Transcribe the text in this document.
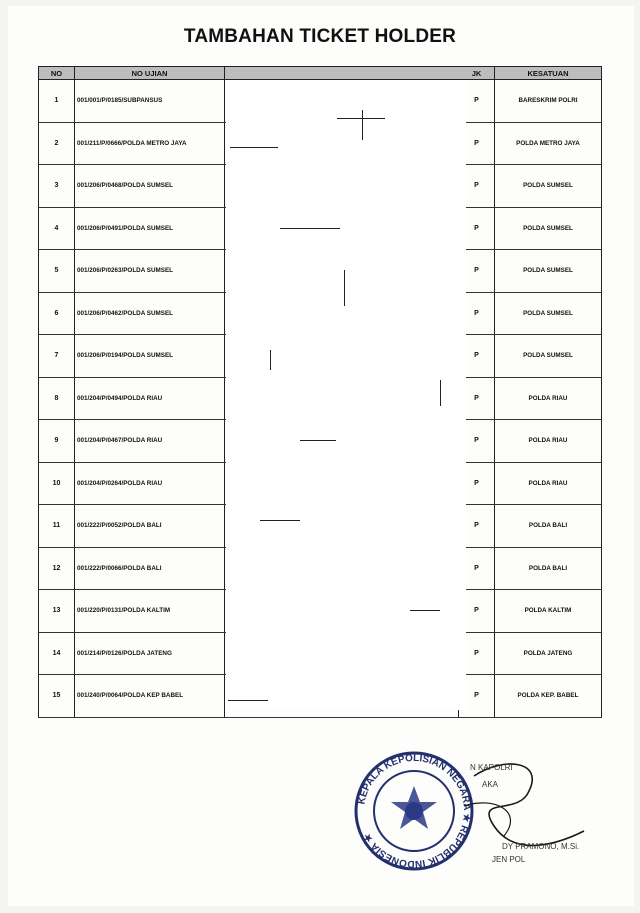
TAMBAHAN TICKET HOLDER
NO	NO UJIAN			JK	KESATUAN
1	001/001/P/0185/SUBPANSUS			P	BARESKRIM POLRI
2	001/211/P/0666/POLDA METRO JAYA			P	POLDA METRO JAYA
3	001/206/P/0468/POLDA SUMSEL			P	POLDA SUMSEL
4	001/206/P/0491/POLDA SUMSEL			P	POLDA SUMSEL
5	001/206/P/0263/POLDA SUMSEL			P	POLDA SUMSEL
6	001/206/P/0462/POLDA SUMSEL			P	POLDA SUMSEL
7	001/206/P/0194/POLDA SUMSEL			P	POLDA SUMSEL
8	001/204/P/0494/POLDA RIAU			P	POLDA RIAU
9	001/204/P/0467/POLDA RIAU			P	POLDA RIAU
10	001/204/P/0264/POLDA RIAU			P	POLDA RIAU
11	001/222/P/0052/POLDA BALI			P	POLDA BALI
12	001/222/P/0066/POLDA BALI			P	POLDA BALI
13	001/220/P/0131/POLDA KALTIM			P	POLDA KALTIM
14	001/214/P/0126/POLDA JATENG			P	POLDA JATENG
15	001/240/P/0064/POLDA KEP BABEL			P	POLDA KEP. BABEL
KEPALA KEPOLISIAN NEGARA ★ REPUBLIK INDONESIA ★
N KAPOLRI
AKA
DY PRAMONO, M.Si.
JEN POL
